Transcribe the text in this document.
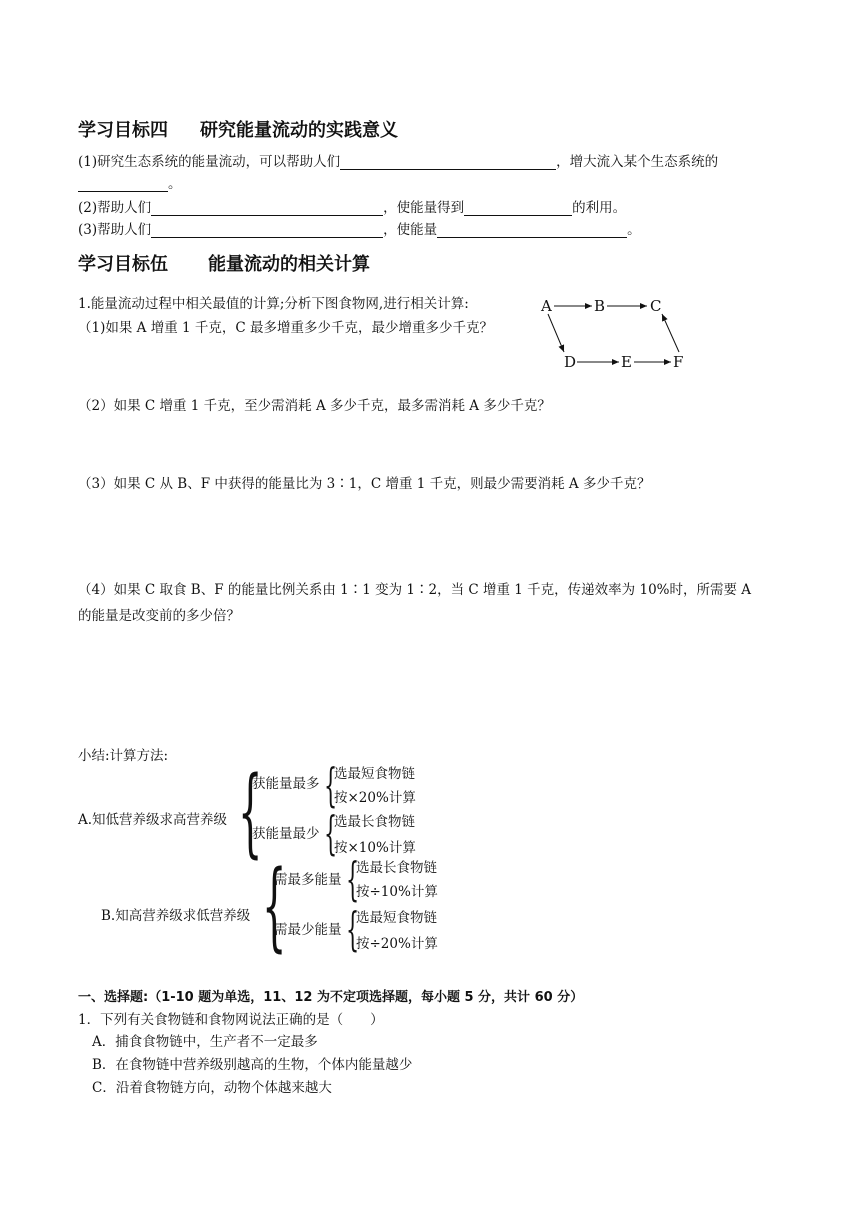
学习目标四 研究能量流动的实践意义
(1)研究生态系统的能量流动，可以帮助人们	，增大流入某个生态系统的
。
(2)帮助人们	，使能量得到	的利用。
(3)帮助人们	，使能量	。
学习目标伍 能量流动的相关计算
1.能量流动过程中相关最值的计算;分析下图食物网,进行相关计算:
（1)如果 A 增重 1 千克，C 最多增重多少千克，最少增重多少千克？
A	B	C
D	E	F
（2）如果 C 增重 1 千克，至少需消耗 A 多少千克，最多需消耗 A 多少千克？
（3）如果 C 从 B、F 中获得的能量比为 3∶1，C 增重 1 千克，则最少需要消耗 A 多少千克？
（4）如果 C 取食 B、F 的能量比例关系由 1∶1 变为 1∶2，当 C 增重 1 千克，传递效率为 10%时，所需要 A
的能量是改变前的多少倍？
小结:计算方法:
A.知低营养级求高营养级 {
获能量最多 {
选最短食物链
按×20%计算
获能量最少 {
选最长食物链
按×10%计算
B.知高营养级求低营养级 {
需最多能量 {
选最长食物链
按÷10%计算
需最少能量 {
选最短食物链
按÷20%计算
一、选择题:（1-10 题为单选，11、12 为不定项选择题，每小题 5 分，共计 60 分）
1．下列有关食物链和食物网说法正确的是（　　）
A．捕食食物链中，生产者不一定最多
B．在食物链中营养级别越高的生物，个体内能量越少
C．沿着食物链方向，动物个体越来越大
